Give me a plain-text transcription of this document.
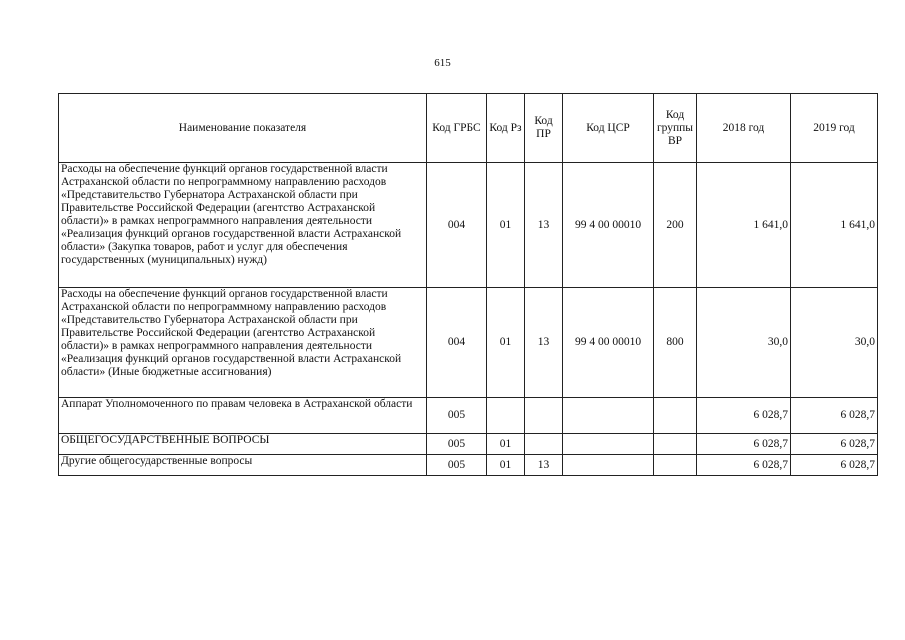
615
Наименование показателя	Код ГРБС	Код Рз	Код ПР	Код ЦСР	Код группы ВР	2018 год	2019 год
Расходы на обеспечение функций органов государственной власти Астраханской области по непрограммному направлению расходов «Представительство Губернатора Астраханской области при Правительстве Российской Федерации (агентство Астраханской области)» в рамках непрограммного направления деятельности «Реализация функций органов государственной власти Астраханской области» (Закупка товаров, работ и услуг для обеспечения государственных (муниципальных) нужд)	004	01	13	99 4 00 00010	200	1 641,0	1 641,0
Расходы на обеспечение функций органов государственной власти Астраханской области по непрограммному направлению расходов «Представительство Губернатора Астраханской области при Правительстве Российской Федерации (агентство Астраханской области)» в рамках непрограммного направления деятельности «Реализация функций органов государственной власти Астраханской области» (Иные бюджетные ассигнования)	004	01	13	99 4 00 00010	800	30,0	30,0
Аппарат Уполномоченного по правам человека в Астраханской области	005					6 028,7	6 028,7
ОБЩЕГОСУДАРСТВЕННЫЕ ВОПРОСЫ	005	01				6 028,7	6 028,7
Другие общегосударственные вопросы	005	01	13			6 028,7	6 028,7
